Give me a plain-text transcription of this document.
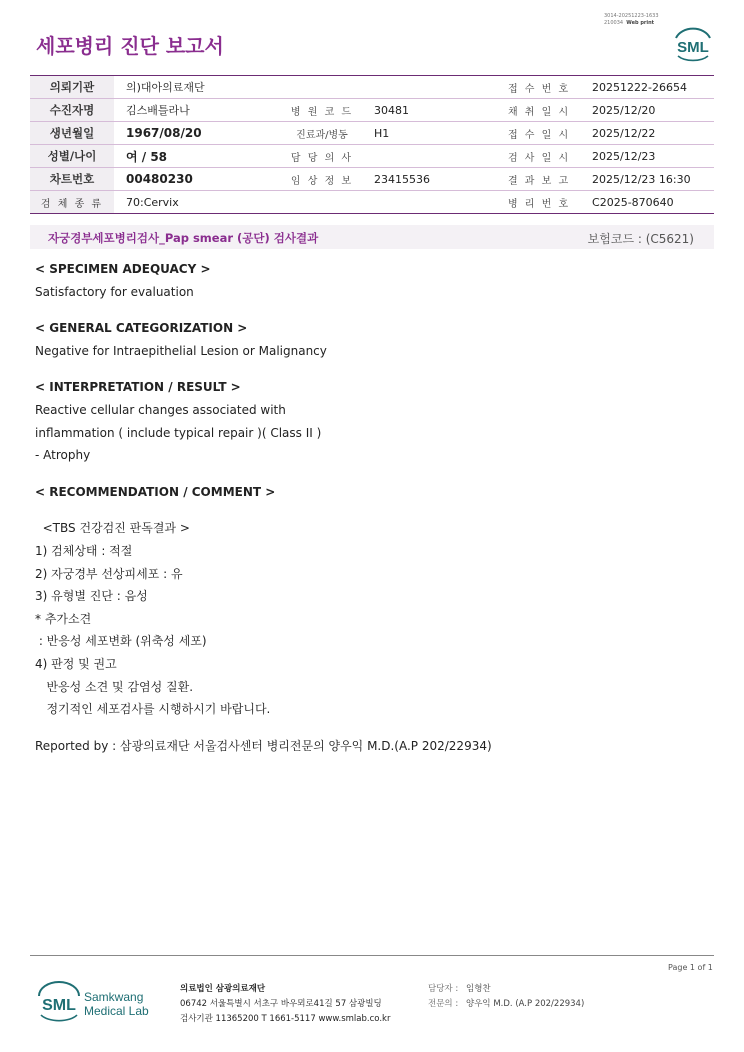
3014-20251223-1633
210034 Web print
세포병리 진단 보고서	SML
의뢰기관	의)대아의료재단			접 수 번 호	20251222-26654
수진자명	김스배틀라나	병 원 코 드	30481	채 취 일 시	2025/12/20
생년월일	1967/08/20	진료과/병동	H1	접 수 일 시	2025/12/22
성별/나이	여 / 58	담 당 의 사		검 사 일 시	2025/12/23
차트번호	00480230	임 상 정 보	23415536	결 과 보 고	2025/12/23 16:30
검 체 종 류	70:Cervix			병 리 번 호	C2025-870640
자궁경부세포병리검사_Pap smear (공단) 검사결과	보험코드 : (C5621)
< SPECIMEN ADEQUACY >
Satisfactory for evaluation
< GENERAL CATEGORIZATION >
Negative for Intraepithelial Lesion or Malignancy
< INTERPRETATION / RESULT >
Reactive cellular changes associated with
inflammation ( include typical repair )( Class II )
- Atrophy
< RECOMMENDATION / COMMENT >
<TBS 건강검진 판독결과 >
1) 검체상태 : 적절
2) 자궁경부 선상피세포 : 유
3) 유형별 진단 : 음성
* 추가소견
: 반응성 세포변화 (위축성 세포)
4) 판정 및 권고
반응성 소견 및 감염성 질환.
정기적인 세포검사를 시행하시기 바랍니다.
Reported by : 삼광의료재단 서울검사센터 병리전문의 양우익 M.D.(A.P 202/22934)
Page 1 of 1
SML Samkwang
Medical Lab
의료법인 삼광의료재단
06742 서울특별시 서초구 바우뫼로41길 57 삼광빌딩
검사기관 11365200 T 1661-5117 www.smlab.co.kr
담당자 : 임형찬
전문의 : 양우익 M.D. (A.P 202/22934)
